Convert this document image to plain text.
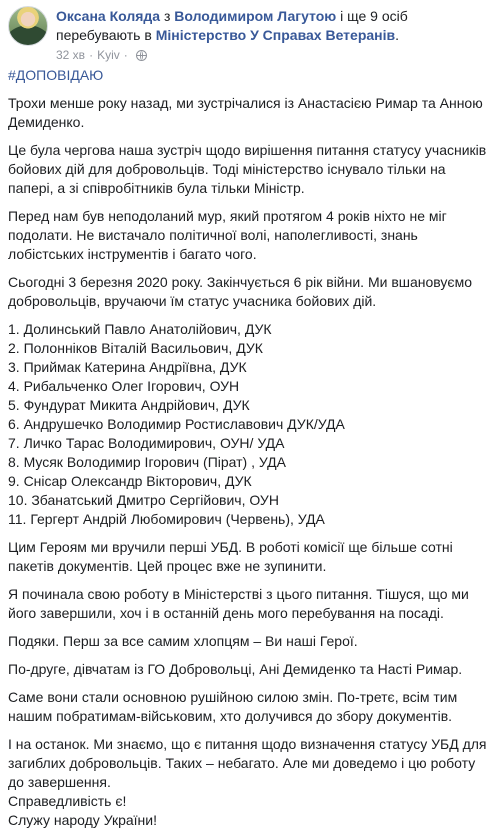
Оксана Коляда з Володимиром Лагутою і ще 9 осіб
перебувають в Міністерство У Справах Ветеранів.
32 хв · Kyiv ·
#ДОПОВІДАЮ

Трохи менше року назад, ми зустрічалися із Анастасією Римар та Анною Демиденко.

Це була чергова наша зустріч щодо вирішення питання статусу учасників бойових дій для добровольців. Тоді міністерство існувало тільки на папері, а зі співробітників була тільки Міністр.

Перед нам був неподоланий мур, який протягом 4 років ніхто не міг подолати. Не вистачало політичної волі, наполегливості, знань лобістських інструментів і багато чого.

Сьогодні 3 березня 2020 року. Закінчується 6 рік війни. Ми вшановуємо добровольців, вручаючи їм статус учасника бойових дій.

1. Долинський Павло Анатолійович, ДУК
2. Полонніков Віталій Васильович, ДУК
3. Приймак Катерина Андріївна, ДУК
4. Рибальченко Олег Ігорович, ОУН
5. Фундурат Микита Андрійович, ДУК
6. Андрушечко Володимир Ростиславович ДУК/УДА
7. Личко Тарас Володимирович, ОУН/ УДА
8. Мусяк Володимир Ігорович (Пірат) , УДА
9. Снісар Олександр Вікторович, ДУК
10. Збанатський Дмитро Сергійович, ОУН
11. Гергерт Андрій Любомирович (Червень), УДА

Цим Героям ми вручили перші УБД. В роботі комісії ще більше сотні пакетів документів. Цей процес вже не зупинити.

Я починала свою роботу в Міністерстві з цього питання. Тішуся, що ми його завершили, хоч і в останній день мого перебування на посаді.

Подяки. Перш за все самим хлопцям – Ви наші Герої.

По-друге, дівчатам із ГО Добровольці, Ані Демиденко та Насті Римар.

Саме вони стали основною рушійною силою змін. По-третє, всім тим нашим побратимам-військовим, хто долучився до збору документів.

І на останок. Ми знаємо, що є питання щодо визначення статусу УБД для загиблих добровольців. Таких – небагато. Але ми доведемо і цю роботу до завершення.

Справедливість є!

Служу народу України!
